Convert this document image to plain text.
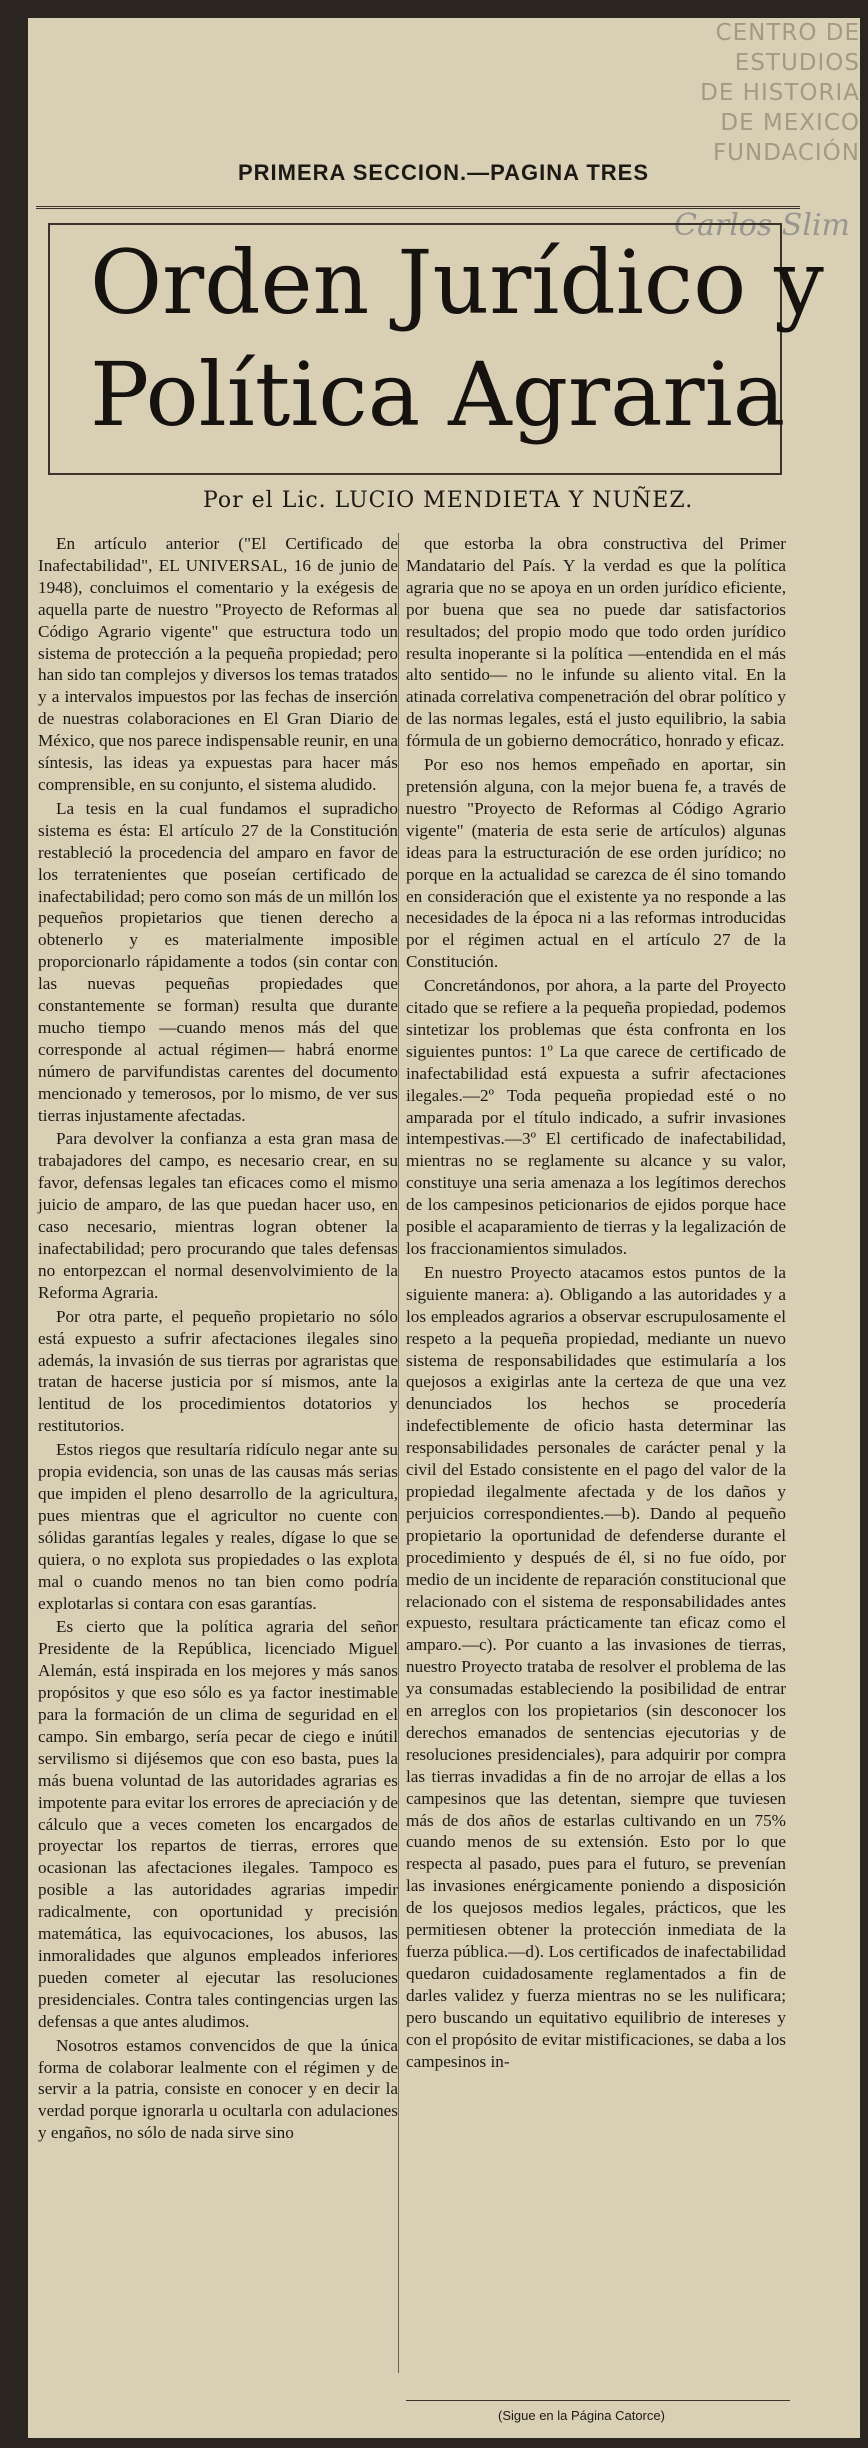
CENTRO DE
ESTUDIOS
DE HISTORIA
DE MEXICO
FUNDACIÓN
Carlos Slim
PRIMERA SECCION.—PAGINA TRES
Orden Jurídico y
Política Agraria
Por el Lic. LUCIO MENDIETA Y NUÑEZ.

En artículo anterior ("El Certificado de Inafectabilidad", EL UNIVERSAL, 16 de junio de 1948), concluimos el comentario y la exégesis de aquella parte de nuestro "Proyecto de Reformas al Código Agrario vigente" que estructura todo un sistema de protección a la pequeña propiedad; pero han sido tan complejos y diversos los temas tratados y a intervalos impuestos por las fechas de inserción de nuestras colaboraciones en El Gran Diario de México, que nos parece indispensable reunir, en una síntesis, las ideas ya expuestas para hacer más comprensible, en su conjunto, el sistema aludido.

La tesis en la cual fundamos el supradicho sistema es ésta: El artículo 27 de la Constitución restableció la procedencia del amparo en favor de los terratenientes que poseían certificado de inafectabilidad; pero como son más de un millón los pequeños propietarios que tienen derecho a obtenerlo y es materialmente imposible proporcionarlo rápidamente a todos (sin contar con las nuevas pequeñas propiedades que constantemente se forman) resulta que durante mucho tiempo —cuando menos más del que corresponde al actual régimen— habrá enorme número de parvifundistas carentes del documento mencionado y temerosos, por lo mismo, de ver sus tierras injustamente afectadas.

Para devolver la confianza a esta gran masa de trabajadores del campo, es necesario crear, en su favor, defensas legales tan eficaces como el mismo juicio de amparo, de las que puedan hacer uso, en caso necesario, mientras logran obtener la inafectabilidad; pero procurando que tales defensas no entorpezcan el normal desenvolvimiento de la Reforma Agraria.

Por otra parte, el pequeño propietario no sólo está expuesto a sufrir afectaciones ilegales sino además, la invasión de sus tierras por agraristas que tratan de hacerse justicia por sí mismos, ante la lentitud de los procedimientos dotatorios y restitutorios.

Estos riegos que resultaría ridículo negar ante su propia evidencia, son unas de las causas más serias que impiden el pleno desarrollo de la agricultura, pues mientras que el agricultor no cuente con sólidas garantías legales y reales, dígase lo que se quiera, o no explota sus propiedades o las explota mal o cuando menos no tan bien como podría explotarlas si contara con esas garantías.

Es cierto que la política agraria del señor Presidente de la República, licenciado Miguel Alemán, está inspirada en los mejores y más sanos propósitos y que eso sólo es ya factor inestimable para la formación de un clima de seguridad en el campo. Sin embargo, sería pecar de ciego e inútil servilismo si dijésemos que con eso basta, pues la más buena voluntad de las autoridades agrarias es impotente para evitar los errores de apreciación y de cálculo que a veces cometen los encargados de proyectar los repartos de tierras, errores que ocasionan las afectaciones ilegales. Tampoco es posible a las autoridades agrarias impedir radicalmente, con oportunidad y precisión matemática, las equivocaciones, los abusos, las inmoralidades que algunos empleados inferiores pueden cometer al ejecutar las resoluciones presidenciales. Contra tales contingencias urgen las defensas a que antes aludimos.

Nosotros estamos convencidos de que la única forma de colaborar lealmente con el régimen y de servir a la patria, consiste en conocer y en decir la verdad porque ignorarla u ocultarla con adulaciones y engaños, no sólo de nada sirve sino

que estorba la obra constructiva del Primer Mandatario del País. Y la verdad es que la política agraria que no se apoya en un orden jurídico eficiente, por buena que sea no puede dar satisfactorios resultados; del propio modo que todo orden jurídico resulta inoperante si la política —entendida en el más alto sentido— no le infunde su aliento vital. En la atinada correlativa compenetración del obrar político y de las normas legales, está el justo equilibrio, la sabia fórmula de un gobierno democrático, honrado y eficaz.

Por eso nos hemos empeñado en aportar, sin pretensión alguna, con la mejor buena fe, a través de nuestro "Proyecto de Reformas al Código Agrario vigente" (materia de esta serie de artículos) algunas ideas para la estructuración de ese orden jurídico; no porque en la actualidad se carezca de él sino tomando en consideración que el existente ya no responde a las necesidades de la época ni a las reformas introducidas por el régimen actual en el artículo 27 de la Constitución.

Concretándonos, por ahora, a la parte del Proyecto citado que se refiere a la pequeña propiedad, podemos sintetizar los problemas que ésta confronta en los siguientes puntos: 1º La que carece de certificado de inafectabilidad está expuesta a sufrir afectaciones ilegales.—2º Toda pequeña propiedad esté o no amparada por el título indicado, a sufrir invasiones intempestivas.—3º El certificado de inafectabilidad, mientras no se reglamente su alcance y su valor, constituye una seria amenaza a los legítimos derechos de los campesinos peticionarios de ejidos porque hace posible el acaparamiento de tierras y la legalización de los fraccionamientos simulados.

En nuestro Proyecto atacamos estos puntos de la siguiente manera: a). Obligando a las autoridades y a los empleados agrarios a observar escrupulosamente el respeto a la pequeña propiedad, mediante un nuevo sistema de responsabilidades que estimularía a los quejosos a exigirlas ante la certeza de que una vez denunciados los hechos se procedería indefectiblemente de oficio hasta determinar las responsabilidades personales de carácter penal y la civil del Estado consistente en el pago del valor de la propiedad ilegalmente afectada y de los daños y perjuicios correspondientes.—b). Dando al pequeño propietario la oportunidad de defenderse durante el procedimiento y después de él, si no fue oído, por medio de un incidente de reparación constitucional que relacionado con el sistema de responsabilidades antes expuesto, resultara prácticamente tan eficaz como el amparo.—c). Por cuanto a las invasiones de tierras, nuestro Proyecto trataba de resolver el problema de las ya consumadas estableciendo la posibilidad de entrar en arreglos con los propietarios (sin desconocer los derechos emanados de sentencias ejecutorias y de resoluciones presidenciales), para adquirir por compra las tierras invadidas a fin de no arrojar de ellas a los campesinos que las detentan, siempre que tuviesen más de dos años de estarlas cultivando en un 75% cuando menos de su extensión. Esto por lo que respecta al pasado, pues para el futuro, se prevenían las invasiones enérgicamente poniendo a disposición de los quejosos medios legales, prácticos, que les permitiesen obtener la protección inmediata de la fuerza pública.—d). Los certificados de inafectabilidad quedaron cuidadosamente reglamentados a fin de darles validez y fuerza mientras no se les nulificara; pero buscando un equitativo equilibrio de intereses y con el propósito de evitar mistificaciones, se daba a los campesinos in-

(Sigue en la Página Catorce)
